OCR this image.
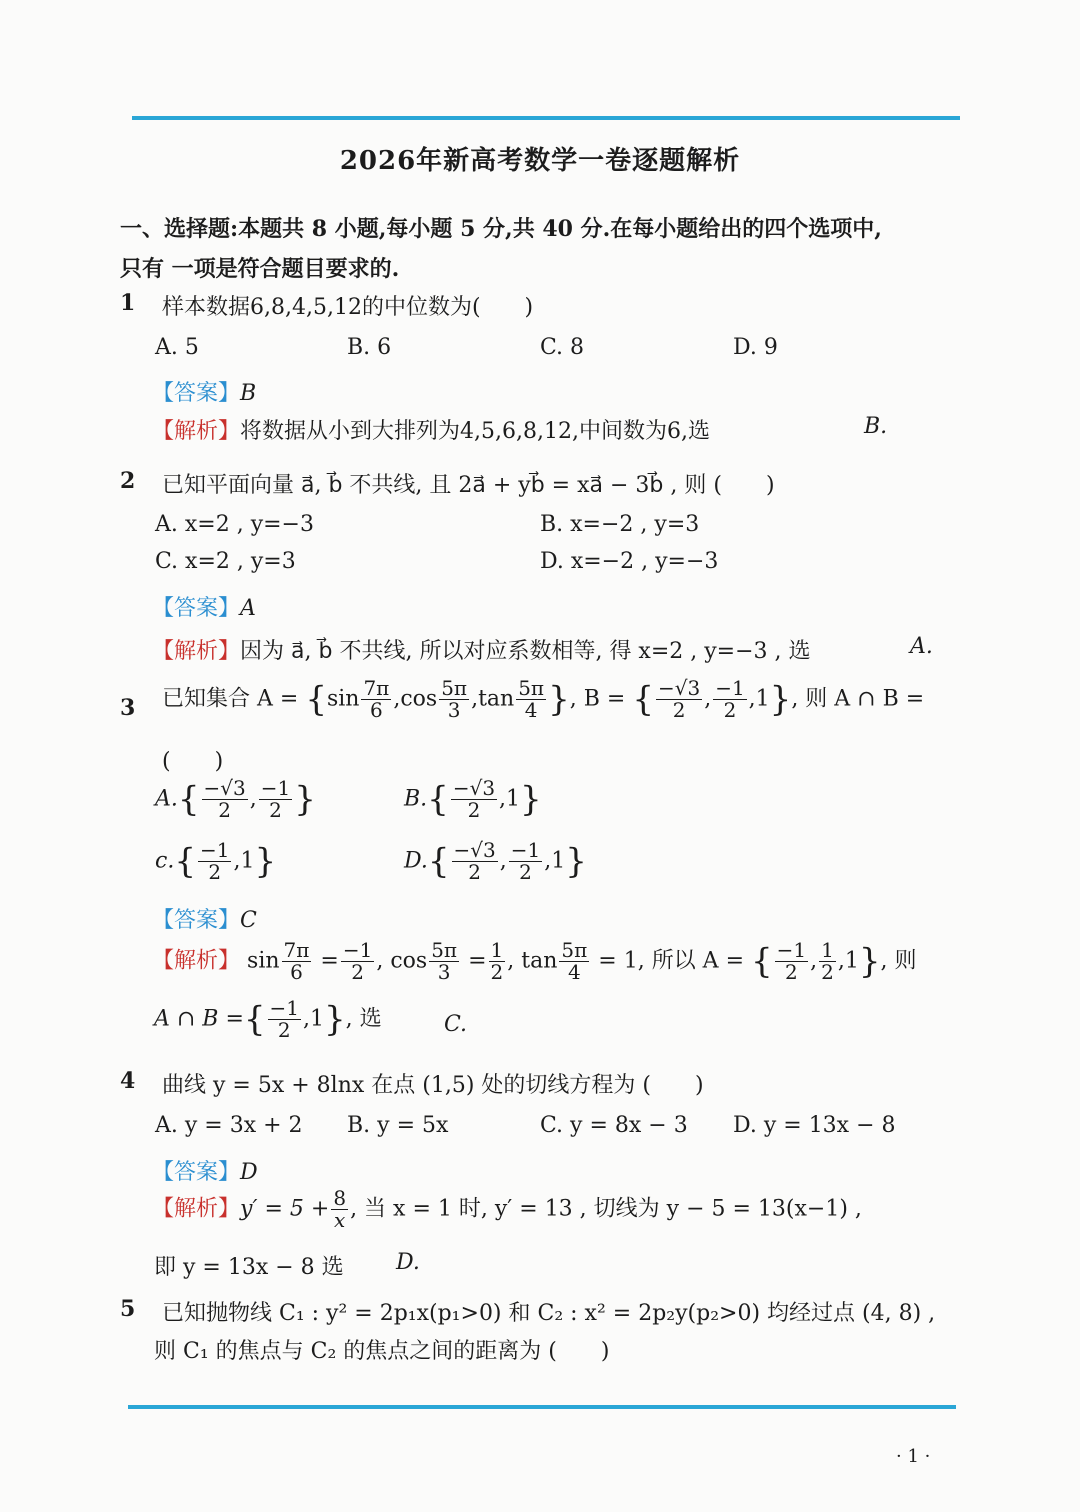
2026年新高考数学一卷逐题解析
一、选择题:本题共 8 小题,每小题 5 分,共 40 分.在每小题给出的四个选项中,
只有 一项是符合题目要求的.
1 样本数据6,8,4,5,12的中位数为(　　)
A. 5	B. 6	C. 8	D. 9
【答案】B
【解析】将数据从小到大排列为4,5,6,8,12,中间数为6,选	B.
2 已知平面向量 a⃗, b⃗ 不共线, 且 2a⃗ + yb⃗ = xa⃗ − 3b⃗ , 则 (　　)
A. x=2 , y=−3	B. x=−2 , y=3
C. x=2 , y=3	D. x=−2 , y=−3
【答案】A
【解析】因为 a⃗, b⃗ 不共线, 所以对应系数相等, 得 x=2 , y=−3 , 选	A.
3 已知集合 $A = \{\sin \frac{7\pi}{6} ,\cos \frac{5\pi}{3} ,\tan \frac{5\pi}{4}$ }, B = { $\frac{-√3}{2}$ , $\frac{-1}{2} ,1$}, 则 A ∩ B =
(　　)
$A.\{ \frac{-√3}{2}$ , $\frac{-1}{2}$ }	$B.\{ \frac{-√3}{2} ,1\}$
$c.\{ \frac{-1}{2} ,1\}$	$D.\{ \frac{-√3}{2}$ , $\frac{-1}{2} ,1$}
【答案】C
【解析】 $\sin \frac{7\pi}{6} = \frac{-1}{2}$ , $\cos \frac{5\pi}{3} = \frac{1}{2}$ , $\tan \frac{5\pi}{4} = 1$, 所以 A = { $\frac{-1}{2}$ , $\frac{1}{2} ,1$}, 则
A ∩ B ={ $\frac{-1}{2} ,1$}, 选	C.
4 曲线 y = 5x + 8lnx 在点 (1,5) 处的切线方程为 (　　)
A. y = 3x + 2 B. y = 5x	C. y = 8x − 3 D. y = 13x − 8
【答案】D
【解析】$y' = 5 + \frac{8}{x}$ , 当 x = 1 时, y′ = 13 , 切线为 y − 5 = 13(x−1) ,
即 y = 13x − 8 选 D.
5 已知抛物线 C₁ : y² = 2p₁x(p₁>0) 和 C₂ : x² = 2p₂y(p₂>0) 均经过点 (4, 8) ,
则 C₁ 的焦点与 C₂ 的焦点之间的距离为 (　　)
· 1 ·
